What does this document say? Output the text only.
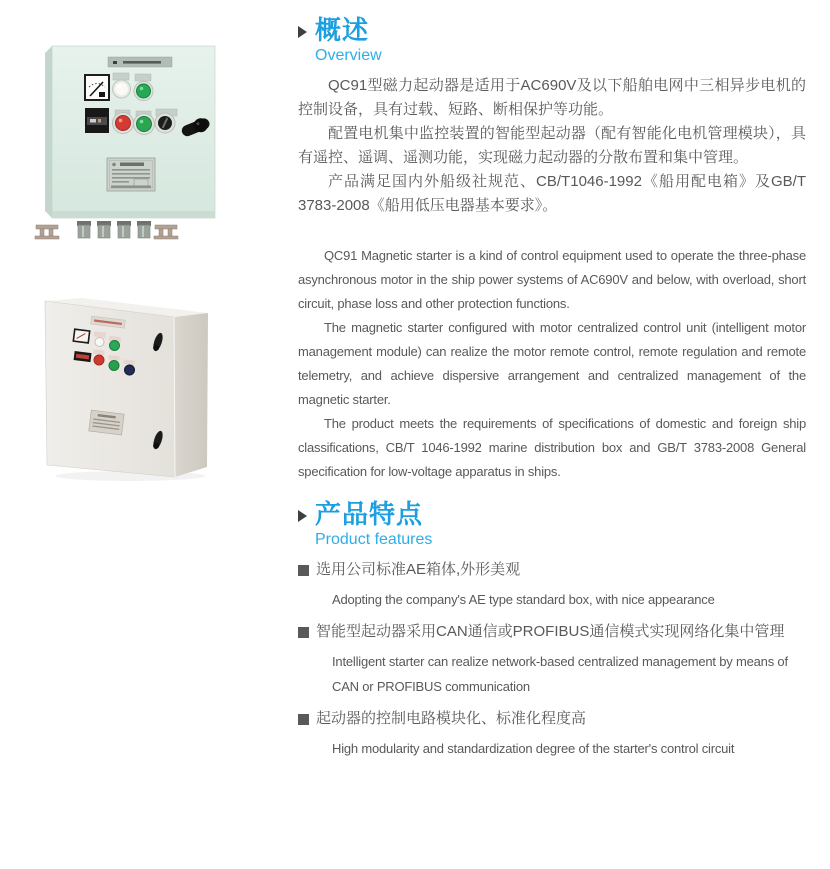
概述
Overview

QC91型磁力起动器是适用于AC690V及以下船舶电网中三相异步电机的控制设备，具有过载、短路、断相保护等功能。

配置电机集中监控装置的智能型起动器（配有智能化电机管理模块），具有遥控、遥调、遥测功能，实现磁力起动器的分散布置和集中管理。

产品满足国内外船级社规范、CB/T1046-1992《船用配电箱》及GB/T 3783-2008《船用低压电器基本要求》。

QC91 Magnetic starter is a kind of control equipment used to operate the three-phase asynchronous motor in the ship power systems of AC690V and below, with overload, short circuit, phase loss and other protection functions.

The magnetic starter configured with motor centralized control unit (intelligent motor management module) can realize the motor remote control, remote regulation and remote telemetry, and achieve dispersive arrangement and centralized management of the magnetic starter.

The product meets the requirements of specifications of domestic and foreign ship classifications, CB/T 1046-1992 marine distribution box and GB/T 3783-2008 General specification for low-voltage apparatus in ships.

产品特点
Product features
选用公司标准AE箱体,外形美观
Adopting the company's AE type standard box, with nice appearance
智能型起动器采用CAN通信或PROFIBUS通信模式实现网络化集中管理
Intelligent starter can realize network-based centralized management by means of CAN or PROFIBUS communication
起动器的控制电路模块化、标准化程度高
High modularity and standardization degree of the starter's control circuit
